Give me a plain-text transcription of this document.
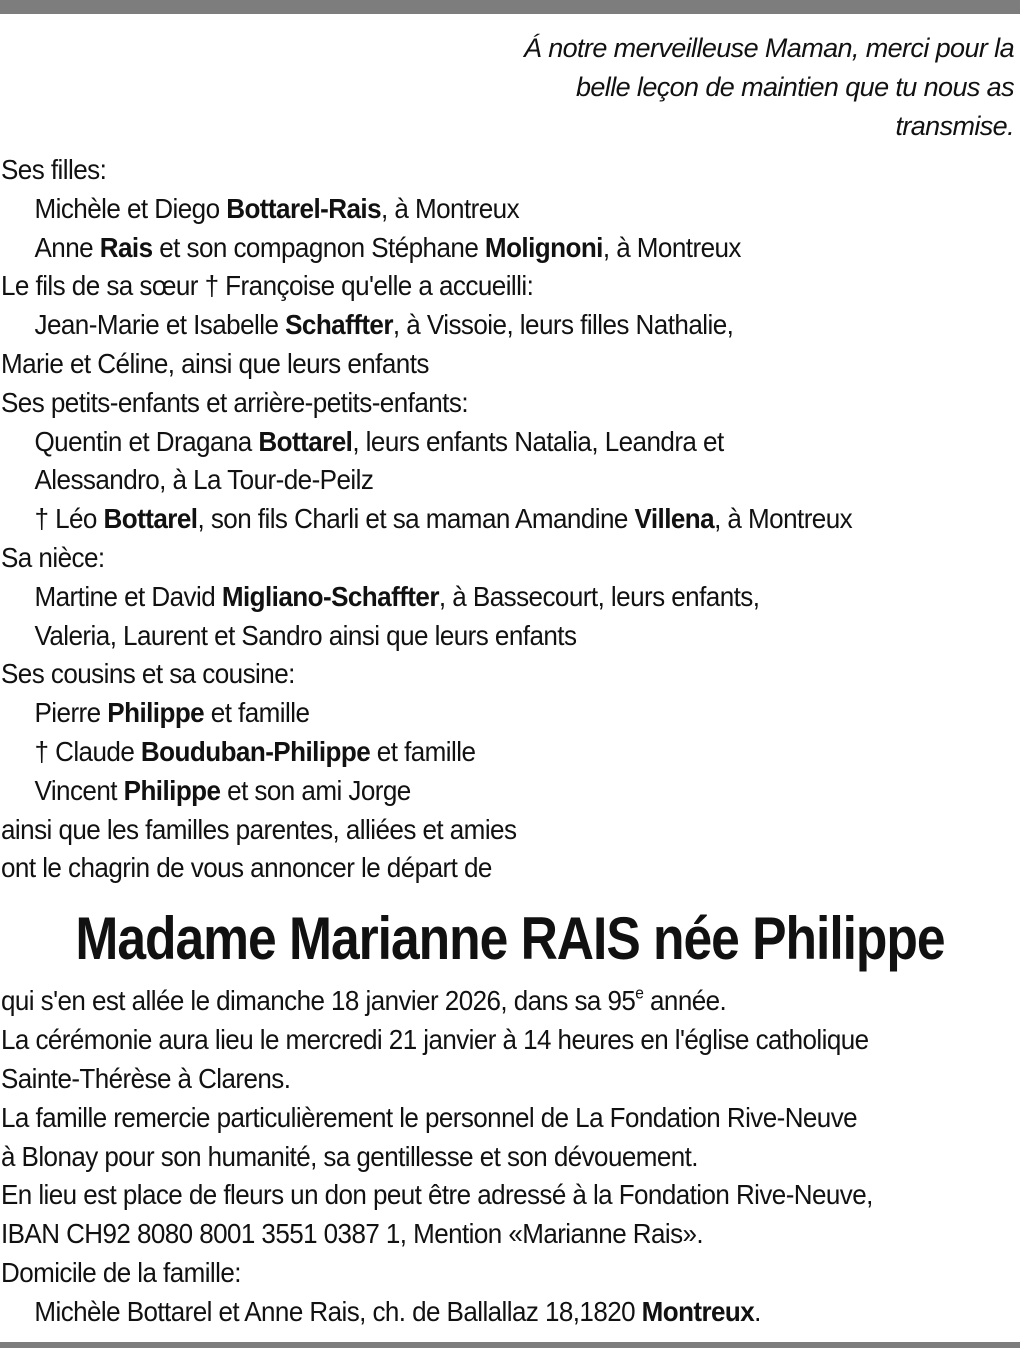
Á notre merveilleuse Maman, merci pour la
belle leçon de maintien que tu nous as
transmise.
Ses filles:
Michèle et Diego Bottarel-Rais, à Montreux
Anne Rais et son compagnon Stéphane Molignoni, à Montreux
Le fils de sa sœur † Françoise qu'elle a accueilli:
Jean-Marie et Isabelle Schaffter, à Vissoie, leurs filles Nathalie,
Marie et Céline, ainsi que leurs enfants
Ses petits-enfants et arrière-petits-enfants:
Quentin et Dragana Bottarel, leurs enfants Natalia, Leandra et
Alessandro, à La Tour-de-Peilz
† Léo Bottarel, son fils Charli et sa maman Amandine Villena, à Montreux
Sa nièce:
Martine et David Migliano-Schaffter, à Bassecourt, leurs enfants,
Valeria, Laurent et Sandro ainsi que leurs enfants
Ses cousins et sa cousine:
Pierre Philippe et famille
† Claude Bouduban-Philippe et famille
Vincent Philippe et son ami Jorge
ainsi que les familles parentes, alliées et amies
ont le chagrin de vous annoncer le départ de
Madame Marianne RAIS née Philippe
qui s'en est allée le dimanche 18 janvier 2026, dans sa 95e année.
La cérémonie aura lieu le mercredi 21 janvier à 14 heures en l'église catholique
Sainte-Thérèse à Clarens.
La famille remercie particulièrement le personnel de La Fondation Rive-Neuve
à Blonay pour son humanité, sa gentillesse et son dévouement.
En lieu est place de fleurs un don peut être adressé à la Fondation Rive-Neuve,
IBAN CH92 8080 8001 3551 0387 1, Mention «Marianne Rais».
Domicile de la famille:
Michèle Bottarel et Anne Rais, ch. de Ballallaz 18,1820 Montreux.
